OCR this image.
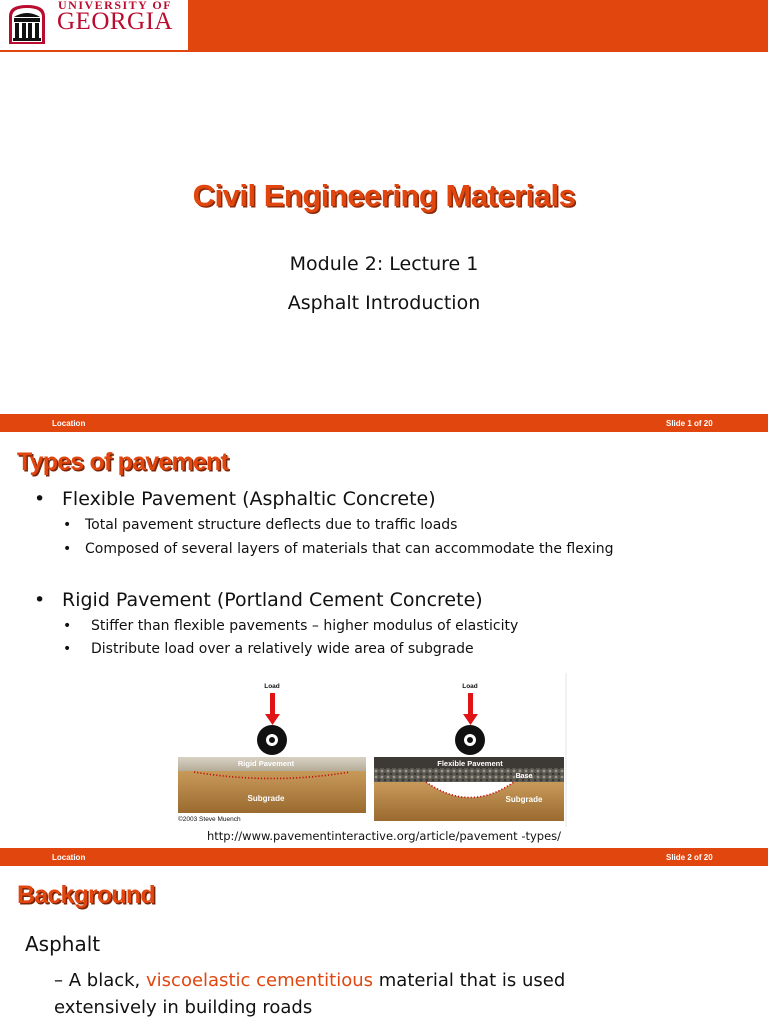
UNIVERSITY OF
GEORGIA
Civil Engineering Materials
Module 2: Lecture 1
Asphalt Introduction
Location	Slide 1 of 20
Types of pavement
• Flexible Pavement (Asphaltic Concrete)
• Total pavement structure deflects due to traffic loads
• Composed of several layers of materials that can accommodate the flexing
• Rigid Pavement (Portland Cement Concrete)
• Stiffer than flexible pavements – higher modulus of elasticity
• Distribute load over a relatively wide area of subgrade
Load
Rigid Pavement
Subgrade
©2003 Steve Muench
Load
Flexible Pavement
Base
Subgrade
http://www.pavementinteractive.org/article/pavement -types/
Location	Slide 2 of 20
Background
Asphalt
– A black, viscoelastic cementitious material that is used extensively in building roads
